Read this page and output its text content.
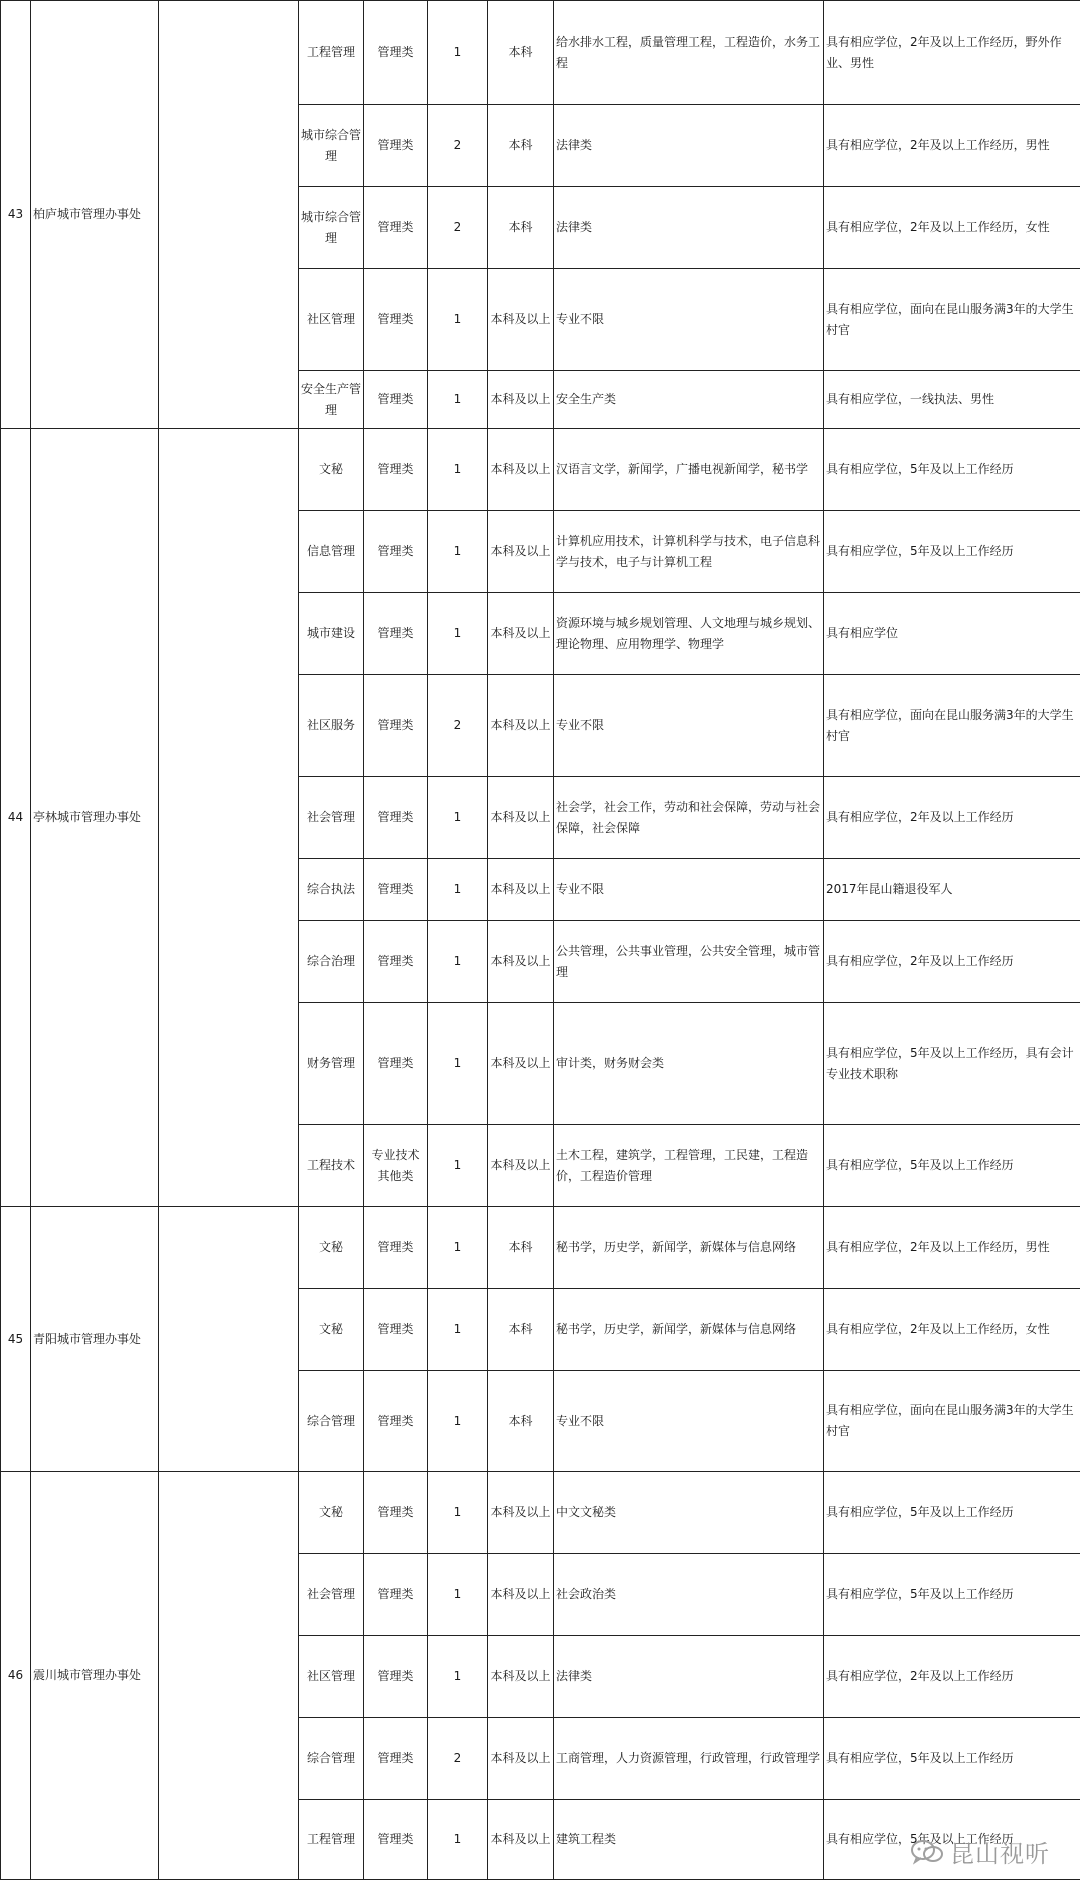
43	柏庐城市管理办事处		工程管理	管理类	1	本科	给水排水工程，质量管理工程，工程造价，水务工程	具有相应学位，2年及以上工作经历，野外作业、男性
			城市综合管理	管理类	2	本科	法律类	具有相应学位，2年及以上工作经历，男性
			城市综合管理	管理类	2	本科	法律类	具有相应学位，2年及以上工作经历，女性
			社区管理	管理类	1	本科及以上	专业不限	具有相应学位，面向在昆山服务满3年的大学生村官
			安全生产管理	管理类	1	本科及以上	安全生产类	具有相应学位，一线执法、男性
44	亭林城市管理办事处		文秘	管理类	1	本科及以上	汉语言文学，新闻学，广播电视新闻学，秘书学	具有相应学位，5年及以上工作经历
			信息管理	管理类	1	本科及以上	计算机应用技术，计算机科学与技术，电子信息科学与技术，电子与计算机工程	具有相应学位，5年及以上工作经历
			城市建设	管理类	1	本科及以上	资源环境与城乡规划管理、人文地理与城乡规划、理论物理、应用物理学、物理学	具有相应学位
			社区服务	管理类	2	本科及以上	专业不限	具有相应学位，面向在昆山服务满3年的大学生村官
			社会管理	管理类	1	本科及以上	社会学，社会工作，劳动和社会保障，劳动与社会保障，社会保障	具有相应学位，2年及以上工作经历
			综合执法	管理类	1	本科及以上	专业不限	2017年昆山籍退役军人
			综合治理	管理类	1	本科及以上	公共管理，公共事业管理，公共安全管理，城市管理	具有相应学位，2年及以上工作经历
			财务管理	管理类	1	本科及以上	审计类，财务财会类	具有相应学位，5年及以上工作经历，具有会计专业技术职称
			工程技术	专业技术其他类	1	本科及以上	土木工程，建筑学，工程管理，工民建，工程造价，工程造价管理	具有相应学位，5年及以上工作经历
45	青阳城市管理办事处		文秘	管理类	1	本科	秘书学，历史学，新闻学，新媒体与信息网络	具有相应学位，2年及以上工作经历，男性
			文秘	管理类	1	本科	秘书学，历史学，新闻学，新媒体与信息网络	具有相应学位，2年及以上工作经历，女性
			综合管理	管理类	1	本科	专业不限	具有相应学位，面向在昆山服务满3年的大学生村官
46	震川城市管理办事处		文秘	管理类	1	本科及以上	中文文秘类	具有相应学位，5年及以上工作经历
			社会管理	管理类	1	本科及以上	社会政治类	具有相应学位，5年及以上工作经历
			社区管理	管理类	1	本科及以上	法律类	具有相应学位，2年及以上工作经历
			综合管理	管理类	2	本科及以上	工商管理，人力资源管理，行政管理，行政管理学	具有相应学位，5年及以上工作经历
			工程管理	管理类	1	本科及以上	建筑工程类	具有相应学位，5年及以上工作经历
昆山视听
